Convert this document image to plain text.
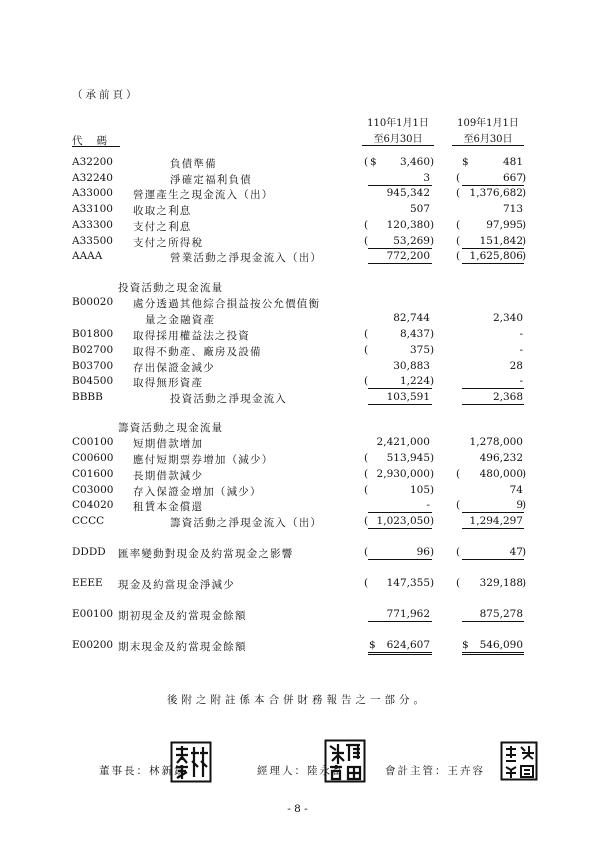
（承前頁）
110年1月1日
至6月30日
109年1月1日
至6月30日
代碼
A32200	負債準備	( $	3,460 )	$	481
A32240	淨確定福利負債	3 (	667 )
A33000 營運產生之現金流入（出）	945,342 ( 1,376,682 )
A33100 收取之利息	507	713
A33300 支付之利息	(	120,380 ) (	97,995 )
A33500 支付之所得稅	(	53,269 ) (	151,842 )
AAAA	營業活動之淨現金流入（出）	772,200 ( 1,625,806 )
投資活動之現金流量
B00020 處分透過其他綜合損益按公允價值衡
量之金融資產	82,744	2,340
B01800 取得採用權益法之投資	(	8,437 )	-
B02700 取得不動產、廠房及設備	(	375 )	-
B03700 存出保證金減少	30,883	28
B04500 取得無形資產	(	1,224 )	-
BBBB	投資活動之淨現金流入	103,591	2,368
籌資活動之現金流量
C00100 短期借款增加	2,421,000	1,278,000
C00600 應付短期票券增加（減少）	(	513,945 )	496,232
C01600 長期借款減少	( 2,930,000 ) (	480,000 )
C03000 存入保證金增加（減少）	(	105 )	74
C04020 租賃本金償還	- (	9 )
CCCC	籌資活動之淨現金流入（出）	( 1,023,050 )	1,294,297
DDDD 匯率變動對現金及約當現金之影響	(	96 ) (	47 )
EEEE 現金及約當現金淨減少	(	147,355 ) (	329,188 )
E00100 期初現金及約當現金餘額	771,962	875,278
E00200 期末現金及約當現金餘額	$	624,607	$	546,090
後附之附註係本合併財務報告之一部分。
董事長：林新欽	經理人：陸永富	會計主管：王卉容
- 8 -
